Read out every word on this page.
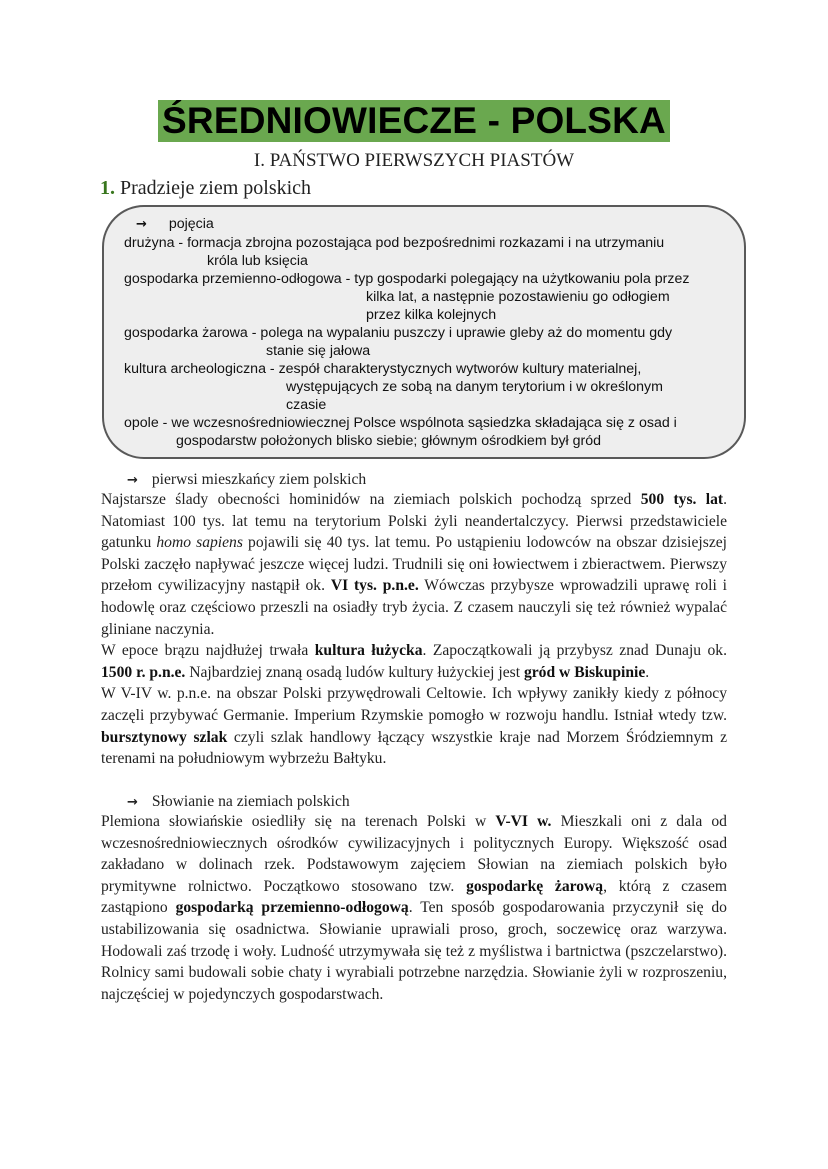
ŚREDNIOWIECZE - POLSKA
I. PAŃSTWO PIERWSZYCH PIASTÓW
1. Pradzieje ziem polskich
→ pojęcia
drużyna - formacja zbrojna pozostająca pod bezpośrednimi rozkazami i na utrzymaniu
króla lub księcia
gospodarka przemienno-odłogowa - typ gospodarki polegający na użytkowaniu pola przez
kilka lat, a następnie pozostawieniu go odłogiem
przez kilka kolejnych
gospodarka żarowa - polega na wypalaniu puszczy i uprawie gleby aż do momentu gdy
stanie się jałowa
kultura archeologiczna - zespół charakterystycznych wytworów kultury materialnej,
występujących ze sobą na danym terytorium i w określonym
czasie
opole - we wczesnośredniowiecznej Polsce wspólnota sąsiedzka składająca się z osad i
gospodarstw położonych blisko siebie; głównym ośrodkiem był gród
→ pierwsi mieszkańcy ziem polskich

Najstarsze ślady obecności hominidów na ziemiach polskich pochodzą sprzed 500 tys. lat. Natomiast 100 tys. lat temu na terytorium Polski żyli neandertalczycy. Pierwsi przedstawiciele gatunku homo sapiens pojawili się 40 tys. lat temu. Po ustąpieniu lodowców na obszar dzisiejszej Polski zaczęło napływać jeszcze więcej ludzi. Trudnili się oni łowiectwem i zbieractwem. Pierwszy przełom cywilizacyjny nastąpił ok. VI tys. p.n.e. Wówczas przybysze wprowadzili uprawę roli i hodowlę oraz częściowo przeszli na osiadły tryb życia. Z czasem nauczyli się też również wypalać gliniane naczynia.

W epoce brązu najdłużej trwała kultura łużycka. Zapoczątkowali ją przybysz znad Dunaju ok. 1500 r. p.n.e. Najbardziej znaną osadą ludów kultury łużyckiej jest gród w Biskupinie.

W V-IV w. p.n.e. na obszar Polski przywędrowali Celtowie. Ich wpływy zanikły kiedy z północy zaczęli przybywać Germanie. Imperium Rzymskie pomogło w rozwoju handlu. Istniał wtedy tzw. bursztynowy szlak czyli szlak handlowy łączący wszystkie kraje nad Morzem Śródziemnym z terenami na południowym wybrzeżu Bałtyku.

→ Słowianie na ziemiach polskich

Plemiona słowiańskie osiedliły się na terenach Polski w V-VI w. Mieszkali oni z dala od wczesnośredniowiecznych ośrodków cywilizacyjnych i politycznych Europy. Większość osad zakładano w dolinach rzek. Podstawowym zajęciem Słowian na ziemiach polskich było prymitywne rolnictwo. Początkowo stosowano tzw. gospodarkę żarową, którą z czasem zastąpiono gospodarką przemienno-odłogową. Ten sposób gospodarowania przyczynił się do ustabilizowania się osadnictwa. Słowianie uprawiali proso, groch, soczewicę oraz warzywa. Hodowali zaś trzodę i woły. Ludność utrzymywała się też z myślistwa i bartnictwa (pszczelarstwo). Rolnicy sami budowali sobie chaty i wyrabiali potrzebne narzędzia. Słowianie żyli w rozproszeniu, najczęściej w pojedynczych gospodarstwach.
